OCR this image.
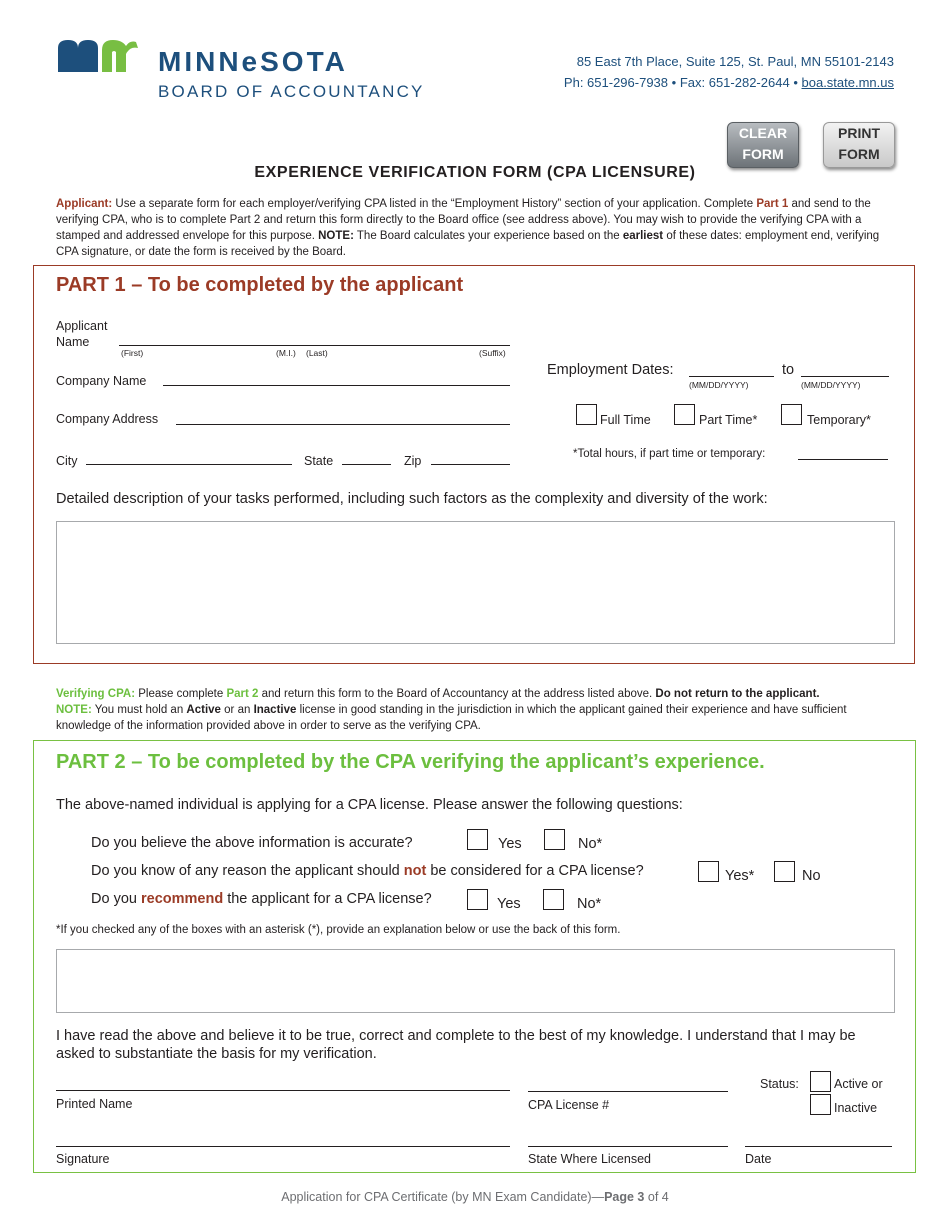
MINNeSOTA
BOARD OF ACCOUNTANCY
85 East 7th Place, Suite 125, St. Paul, MN 55101-2143
Ph: 651-296-7938 • Fax: 651-282-2644 • boa.state.mn.us
CLEAR
FORM
PRINT
FORM
EXPERIENCE VERIFICATION FORM (CPA LICENSURE)
Applicant: Use a separate form for each employer/verifying CPA listed in the “Employment History” section of your application. Complete Part 1 and send to the verifying CPA, who is to complete Part 2 and return this form directly to the Board office (see address above). You may wish to provide the verifying CPA with a stamped and addressed envelope for this purpose. NOTE: The Board calculates your experience based on the earliest of these dates: employment end, verifying CPA signature, or date the form is received by the Board.
PART 1 – To be completed by the applicant
Applicant
Name
(First)	(M.I.) (Last)	(Suffix)
Company Name
Company Address
City	State	Zip
Employment Dates:
(MM/DD/YYYY)
to
(MM/DD/YYYY)
Full Time	Part Time*	Temporary*
*Total hours, if part time or temporary:
Detailed description of your tasks performed, including such factors as the complexity and diversity of the work:
Verifying CPA: Please complete Part 2 and return this form to the Board of Accountancy at the address listed above. Do not return to the applicant.
NOTE: You must hold an Active or an Inactive license in good standing in the jurisdiction in which the applicant gained their experience and have sufficient knowledge of the information provided above in order to serve as the verifying CPA.
PART 2 – To be completed by the CPA verifying the applicant’s experience.
The above-named individual is applying for a CPA license. Please answer the following questions:
Do you believe the above information is accurate?	Yes	No*
Do you know of any reason the applicant should not be considered for a CPA license?	Yes*	No
Do you recommend the applicant for a CPA license?	Yes	No*
*If you checked any of the boxes with an asterisk (*), provide an explanation below or use the back of this form.
I have read the above and believe it to be true, correct and complete to the best of my knowledge. I understand that I may be asked to substantiate the basis for my verification.
Printed Name	CPA License #
Status:	Active or
Inactive
Signature	State Where Licensed	Date
Application for CPA Certificate (by MN Exam Candidate)—Page 3 of 4
